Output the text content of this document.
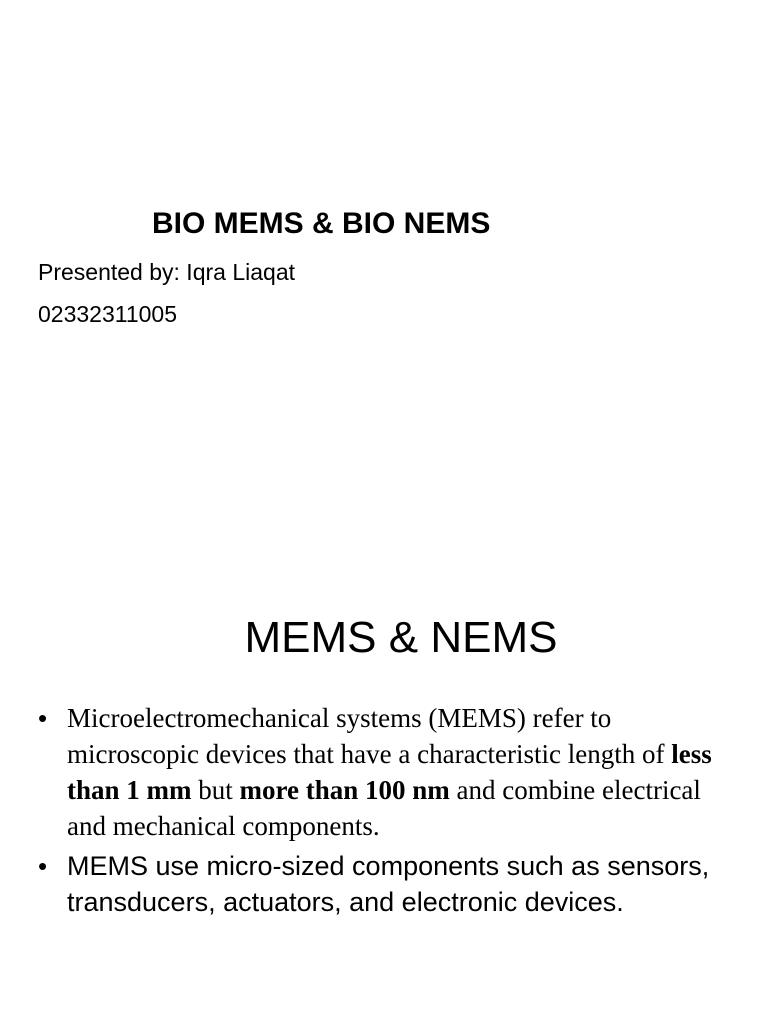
BIO MEMS & BIO NEMS
Presented by: Iqra Liaqat
02332311005
MEMS & NEMS
• Microelectromechanical systems (MEMS) refer to microscopic devices that have a characteristic length of less than 1 mm but more than 100 nm and combine electrical and mechanical components.
• MEMS use micro-sized components such as sensors, transducers, actuators, and electronic devices.
